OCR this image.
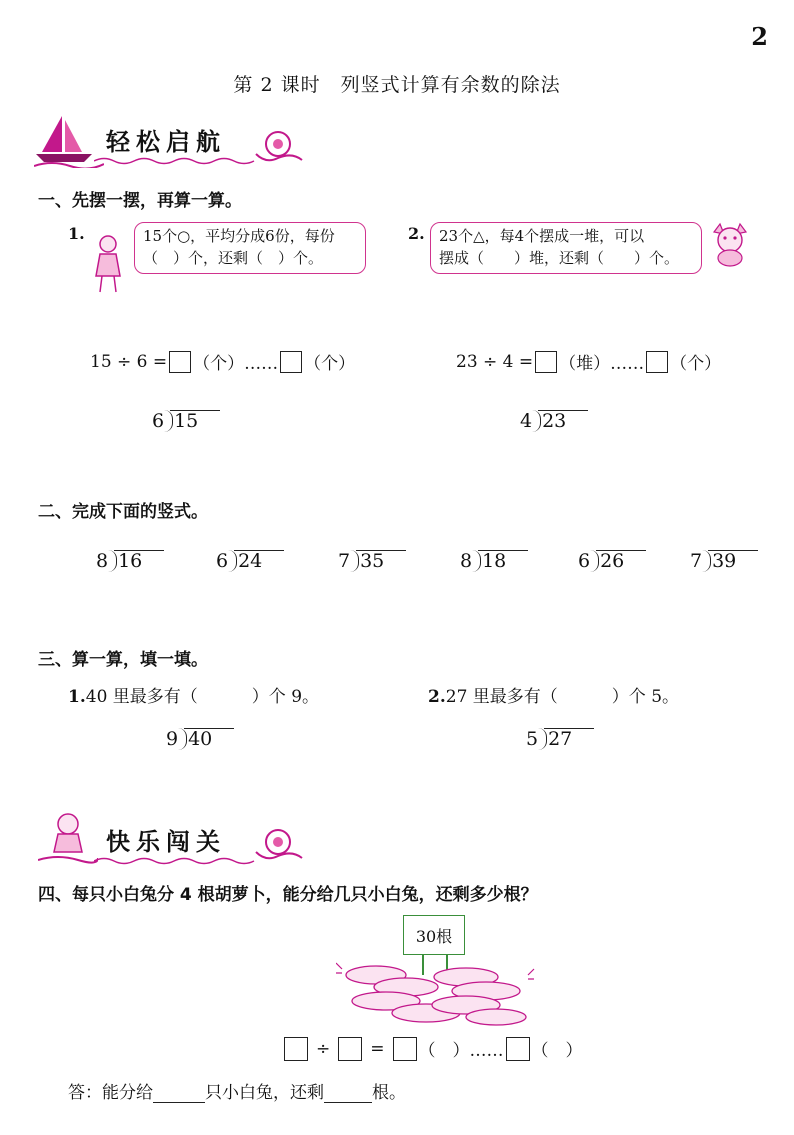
2
第 2 课时　列竖式计算有余数的除法
轻松启航
一、先摆一摆，再算一算。
1.	15个○，平均分成6份，每份
（　）个，还剩（　）个。
15 ÷ 6 = （个）…… （个）
6 15
2. 23个△，每4个摆成一堆，可以
摆成（　　）堆，还剩（　　）个。
23 ÷ 4 = （堆）…… （个）
4 23
二、完成下面的竖式。
8 16	6 24	7 35	8 18	6 26	7 39
三、算一算，填一填。
1.40 里最多有（	）个 9。	2.27 里最多有（	）个 5。
9 40	5 27
快乐闯关
四、每只小白兔分 4 根胡萝卜，能分给几只小白兔，还剩多少根？
30根
÷ = （　）…… （　）
答：能分给	只小白兔，还剩	根。
